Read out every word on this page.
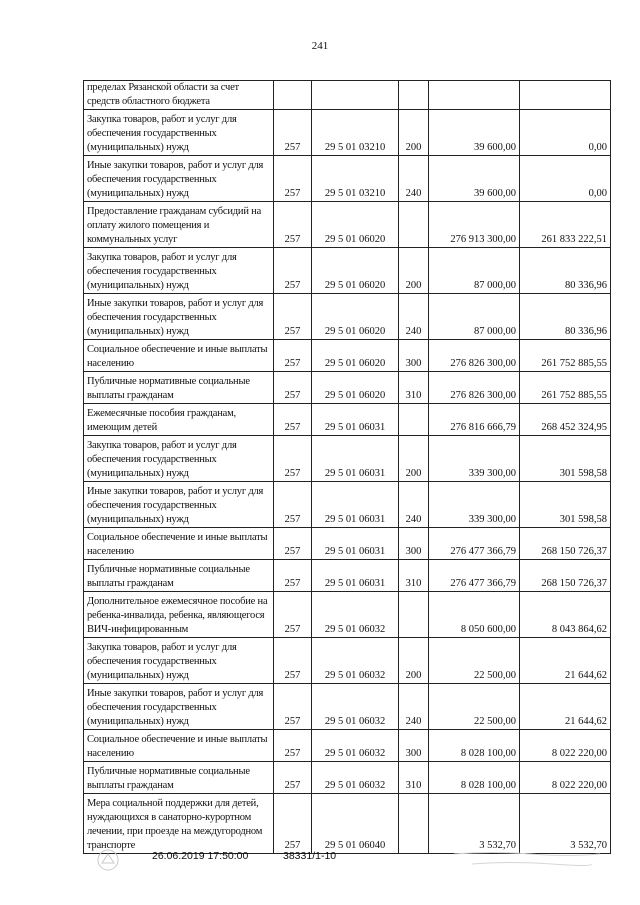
241
пределах Рязанской области за счет средств областного бюджета					
Закупка товаров, работ и услуг для обеспечения государственных (муниципальных) нужд	257	29 5 01 03210	200	39 600,00	0,00
Иные закупки товаров, работ и услуг для обеспечения государственных (муниципальных) нужд	257	29 5 01 03210	240	39 600,00	0,00
Предоставление гражданам субсидий на оплату жилого помещения и коммунальных услуг	257	29 5 01 06020		276 913 300,00	261 833 222,51
Закупка товаров, работ и услуг для обеспечения государственных (муниципальных) нужд	257	29 5 01 06020	200	87 000,00	80 336,96
Иные закупки товаров, работ и услуг для обеспечения государственных (муниципальных) нужд	257	29 5 01 06020	240	87 000,00	80 336,96
Социальное обеспечение и иные выплаты населению	257	29 5 01 06020	300	276 826 300,00	261 752 885,55
Публичные нормативные социальные выплаты гражданам	257	29 5 01 06020	310	276 826 300,00	261 752 885,55
Ежемесячные пособия гражданам, имеющим детей	257	29 5 01 06031		276 816 666,79	268 452 324,95
Закупка товаров, работ и услуг для обеспечения государственных (муниципальных) нужд	257	29 5 01 06031	200	339 300,00	301 598,58
Иные закупки товаров, работ и услуг для обеспечения государственных (муниципальных) нужд	257	29 5 01 06031	240	339 300,00	301 598,58
Социальное обеспечение и иные выплаты населению	257	29 5 01 06031	300	276 477 366,79	268 150 726,37
Публичные нормативные социальные выплаты гражданам	257	29 5 01 06031	310	276 477 366,79	268 150 726,37
Дополнительное ежемесячное пособие на ребенка-инвалида, ребенка, являющегося ВИЧ-инфицированным	257	29 5 01 06032		8 050 600,00	8 043 864,62
Закупка товаров, работ и услуг для обеспечения государственных (муниципальных) нужд	257	29 5 01 06032	200	22 500,00	21 644,62
Иные закупки товаров, работ и услуг для обеспечения государственных (муниципальных) нужд	257	29 5 01 06032	240	22 500,00	21 644,62
Социальное обеспечение и иные выплаты населению	257	29 5 01 06032	300	8 028 100,00	8 022 220,00
Публичные нормативные социальные выплаты гражданам	257	29 5 01 06032	310	8 028 100,00	8 022 220,00
Мера социальной поддержки для детей, нуждающихся в санаторно-курортном лечении, при проезде на междугородном транспорте	257	29 5 01 06040		3 532,70	3 532,70
26.06.2019 17:50:00	38331/1-10
